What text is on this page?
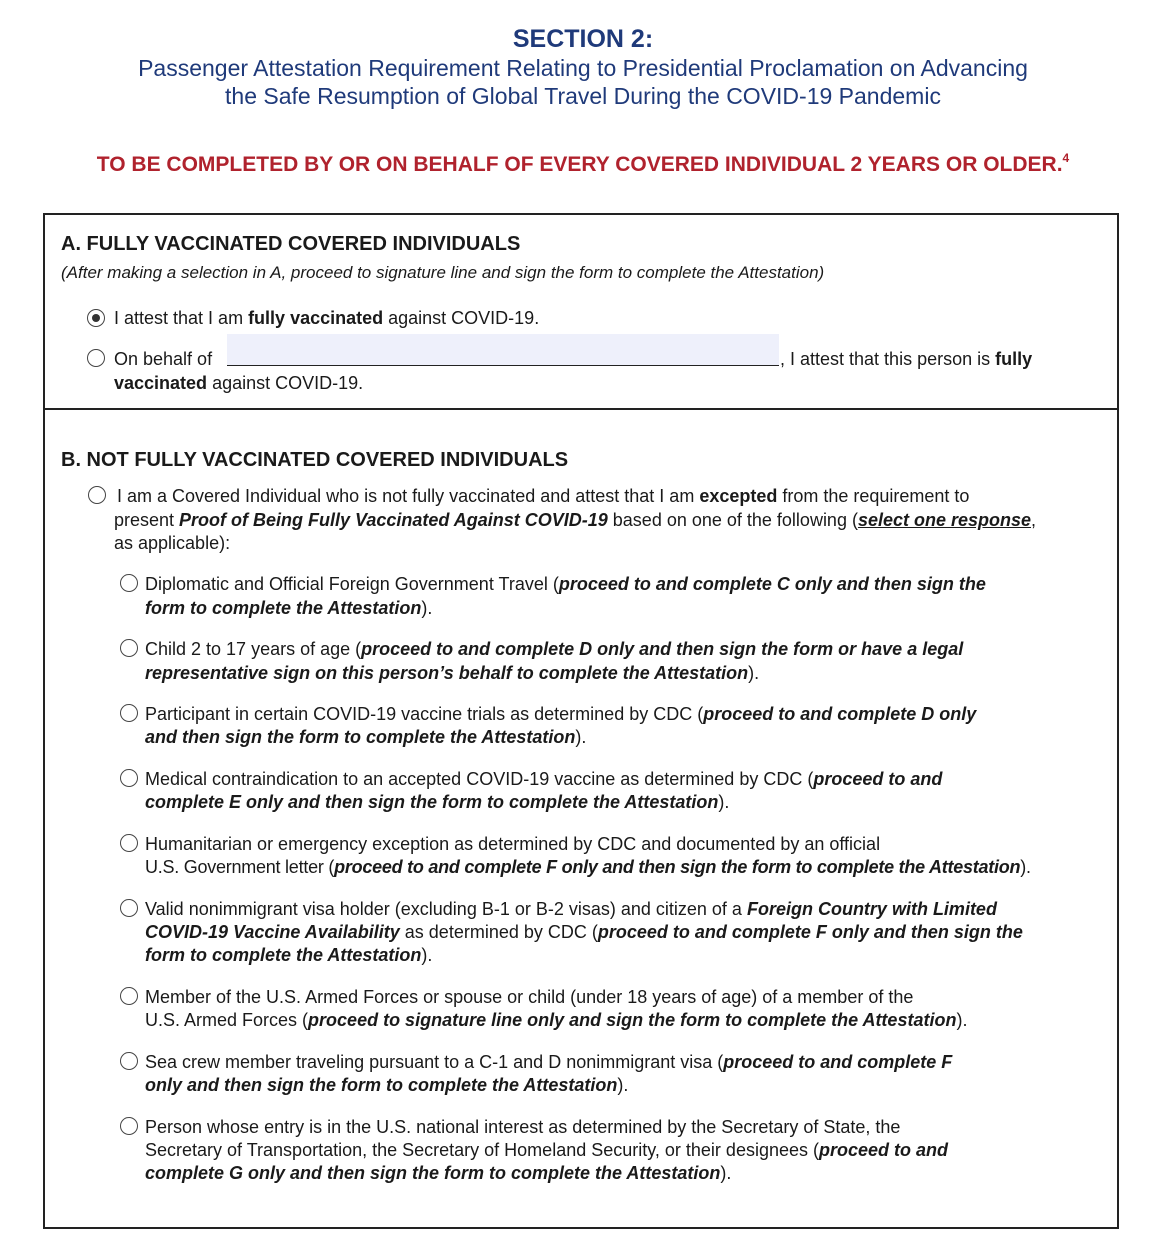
SECTION 2:
Passenger Attestation Requirement Relating to Presidential Proclamation on Advancing
the Safe Resumption of Global Travel During the COVID-19 Pandemic
TO BE COMPLETED BY OR ON BEHALF OF EVERY COVERED INDIVIDUAL 2 YEARS OR OLDER.$^4$
A. FULLY VACCINATED COVERED INDIVIDUALS
(After making a selection in A, proceed to signature line and sign the form to complete the Attestation)
I attest that I am fully vaccinated against COVID-19.
On behalf of	, I attest that this person is fully
vaccinated against COVID-19.
B. NOT FULLY VACCINATED COVERED INDIVIDUALS
I am a Covered Individual who is not fully vaccinated and attest that I am excepted from the requirement to
present Proof of Being Fully Vaccinated Against COVID-19 based on one of the following (select one response,
as applicable):
Diplomatic and Official Foreign Government Travel (proceed to and complete C only and then sign the
form to complete the Attestation).
Child 2 to 17 years of age (proceed to and complete D only and then sign the form or have a legal
representative sign on this person’s behalf to complete the Attestation).
Participant in certain COVID-19 vaccine trials as determined by CDC (proceed to and complete D only
and then sign the form to complete the Attestation).
Medical contraindication to an accepted COVID-19 vaccine as determined by CDC (proceed to and
complete E only and then sign the form to complete the Attestation).
Humanitarian or emergency exception as determined by CDC and documented by an official
U.S. Government letter (proceed to and complete F only and then sign the form to complete the Attestation).
Valid nonimmigrant visa holder (excluding B-1 or B-2 visas) and citizen of a Foreign Country with Limited
COVID-19 Vaccine Availability as determined by CDC (proceed to and complete F only and then sign the
form to complete the Attestation).
Member of the U.S. Armed Forces or spouse or child (under 18 years of age) of a member of the
U.S. Armed Forces (proceed to signature line only and sign the form to complete the Attestation).
Sea crew member traveling pursuant to a C-1 and D nonimmigrant visa (proceed to and complete F
only and then sign the form to complete the Attestation).
Person whose entry is in the U.S. national interest as determined by the Secretary of State, the
Secretary of Transportation, the Secretary of Homeland Security, or their designees (proceed to and
complete G only and then sign the form to complete the Attestation).
